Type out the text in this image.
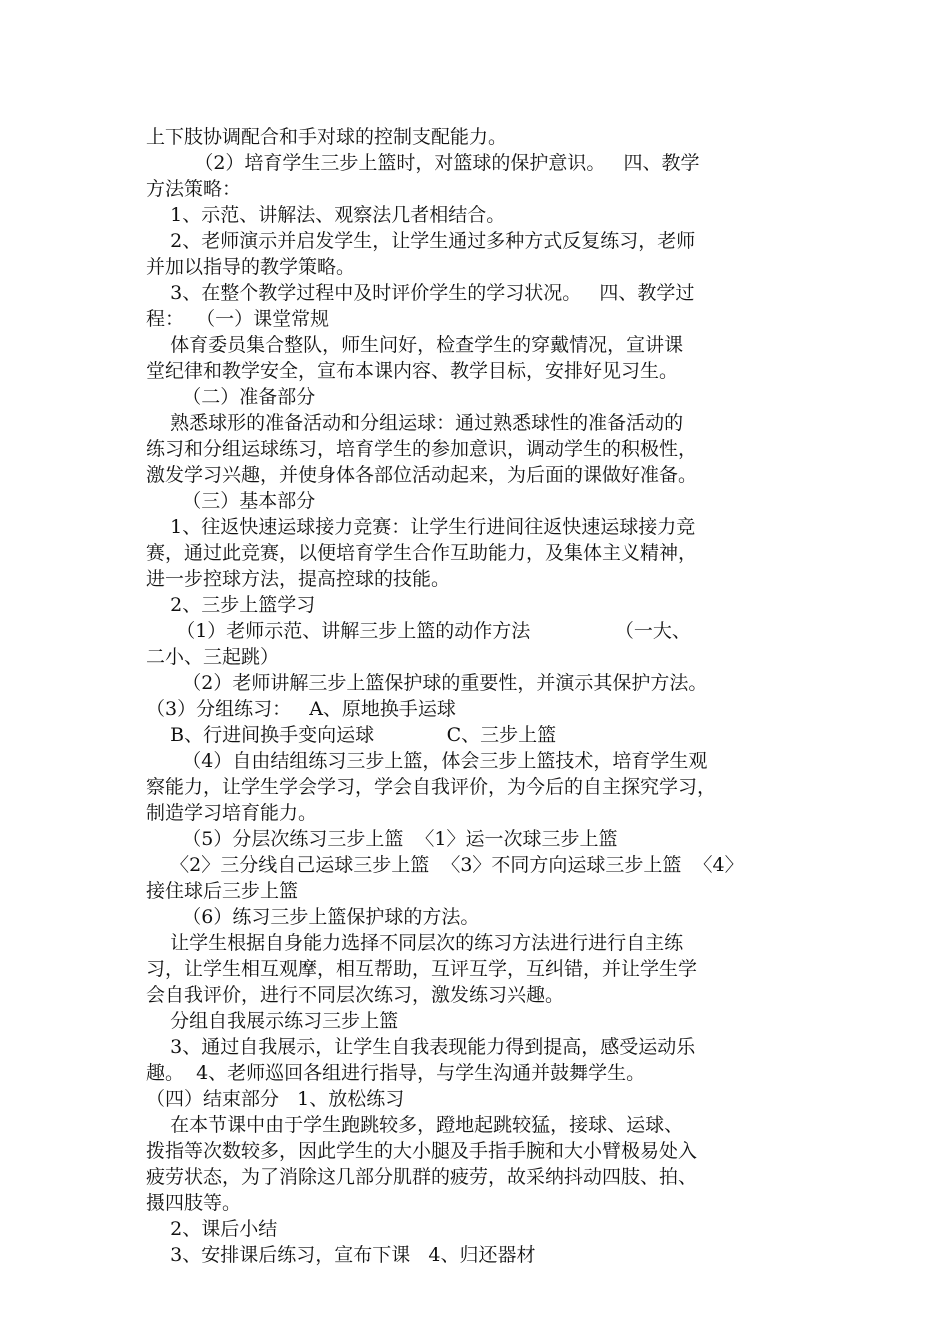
上下肢协调配合和手对球的控制支配能力。
（2）培育学生三步上篮时，对篮球的保护意识。   四、教学
方法策略：
1、示范、讲解法、观察法几者相结合。
2、老师演示并启发学生，让学生通过多种方式反复练习，老师
并加以指导的教学策略。
3、在整个教学过程中及时评价学生的学习状况。   四、教学过
程：  （一）课堂常规
体育委员集合整队，师生问好，检查学生的穿戴情况，宣讲课
堂纪律和教学安全，宣布本课内容、教学目标，安排好见习生。
（二）准备部分
熟悉球形的准备活动和分组运球：通过熟悉球性的准备活动的
练习和分组运球练习，培育学生的参加意识，调动学生的积极性，
激发学习兴趣，并使身体各部位活动起来，为后面的课做好准备。
（三）基本部分
1、往返快速运球接力竞赛：让学生行进间往返快速运球接力竞
赛，通过此竞赛，以便培育学生合作互助能力，及集体主义精神，
进一步控球方法，提高控球的技能。
2、三步上篮学习
（1）老师示范、讲解三步上篮的动作方法              （一大、
二小、三起跳）
（2）老师讲解三步上篮保护球的重要性，并演示其保护方法。
（3）分组练习：   A、原地换手运球
B、行进间换手变向运球            C、三步上篮
（4）自由结组练习三步上篮，体会三步上篮技术，培育学生观
察能力，让学生学会学习，学会自我评价，为今后的自主探究学习，
制造学习培育能力。
（5）分层次练习三步上篮  〈1〉运一次球三步上篮
〈2〉三分线自己运球三步上篮  〈3〉不同方向运球三步上篮  〈4〉
接住球后三步上篮
（6）练习三步上篮保护球的方法。
让学生根据自身能力选择不同层次的练习方法进行进行自主练
习，让学生相互观摩，相互帮助，互评互学，互纠错，并让学生学
会自我评价，进行不同层次练习，激发练习兴趣。
分组自我展示练习三步上篮
3、通过自我展示，让学生自我表现能力得到提高，感受运动乐
趣。  4、老师巡回各组进行指导，与学生沟通并鼓舞学生。
（四）结束部分   1、放松练习
在本节课中由于学生跑跳较多，蹬地起跳较猛，接球、运球、
拨指等次数较多，因此学生的大小腿及手指手腕和大小臂极易处入
疲劳状态，为了消除这几部分肌群的疲劳，故采纳抖动四肢、拍、
摄四肢等。
2、课后小结
3、安排课后练习，宣布下课   4、归还器材
